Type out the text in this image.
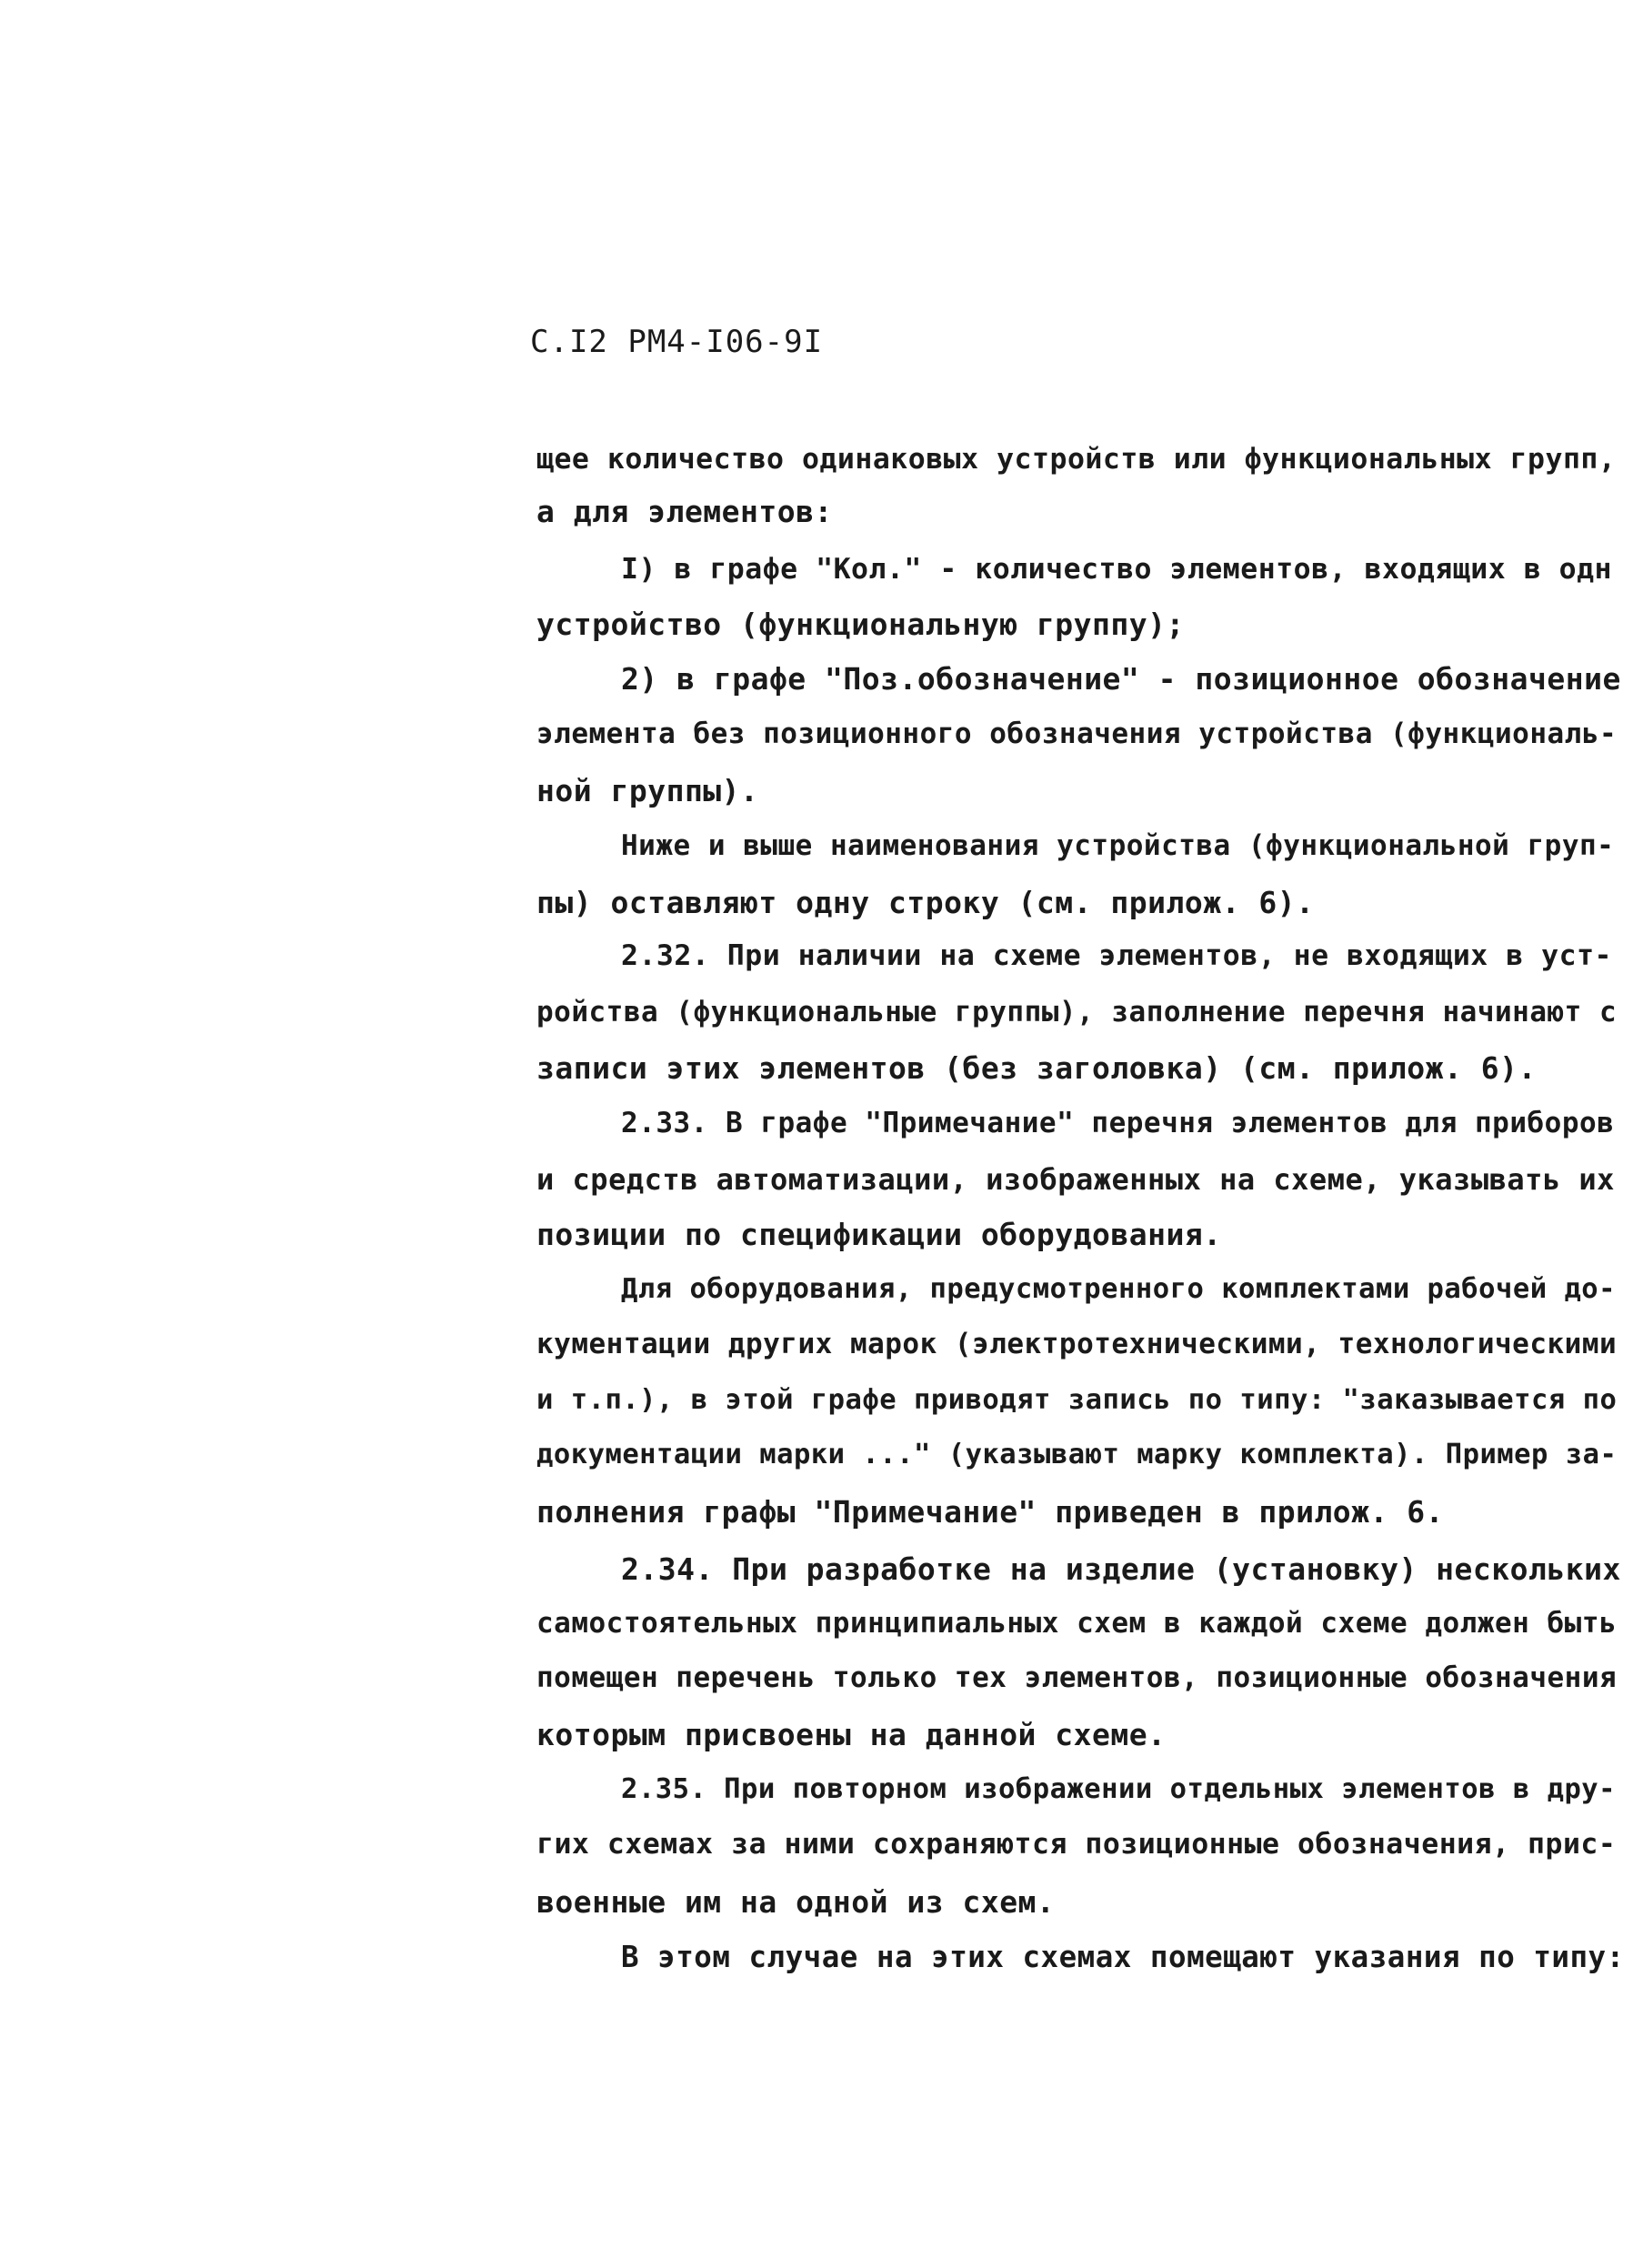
С.I2 РМ4-I06-9I
щее количество одинаковых устройств или функциональных групп,
а для элементов:
I) в графе "Кол." - количество элементов, входящих в одн
устройство (функциональную группу);
2) в графе "Поз.обозначение" - позиционное обозначение
элемента без позиционного обозначения устройства (функциональ-
ной группы).
Ниже и выше наименования устройства (функциональной груп-
пы) оставляют одну строку (см. прилож. 6).
2.32. При наличии на схеме элементов, не входящих в уст-
ройства (функциональные группы), заполнение перечня начинают с
записи этих элементов (без заголовка) (см. прилож. 6).
2.33. В графе "Примечание" перечня элементов для приборов
и средств автоматизации, изображенных на схеме, указывать их
позиции по спецификации оборудования.
Для оборудования, предусмотренного комплектами рабочей до-
кументации других марок (электротехническими, технологическими
и т.п.), в этой графе приводят запись по типу: "заказывается по
документации марки ..." (указывают марку комплекта). Пример за-
полнения графы "Примечание" приведен в прилож. 6.
2.34. При разработке на изделие (установку) нескольких
самостоятельных принципиальных схем в каждой схеме должен быть
помещен перечень только тех элементов, позиционные обозначения
которым присвоены на данной схеме.
2.35. При повторном изображении отдельных элементов в дру-
гих схемах за ними сохраняются позиционные обозначения, прис-
военные им на одной из схем.
В этом случае на этих схемах помещают указания по типу:
